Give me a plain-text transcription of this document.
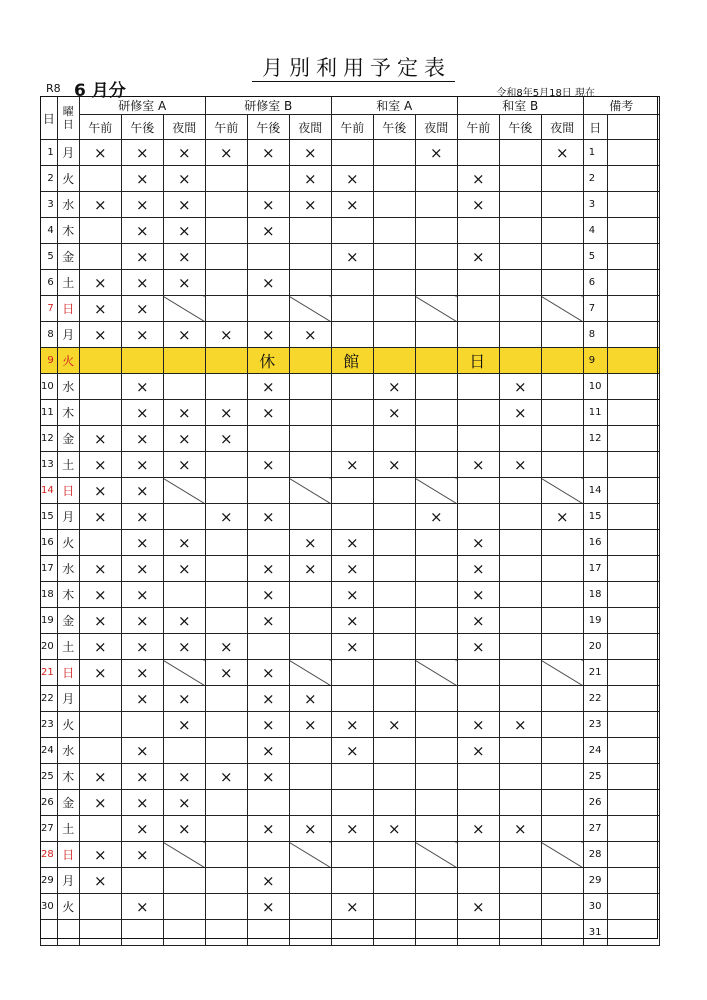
月別利用予定表
R8 6 月分	令和8年5月18日 現在
日	曜日	研修室 A			研修室 B			和室 A			和室 B			備考	
		午前	午後	夜間	午前	午後	夜間	午前	午後	夜間	午前	午後	夜間	日	
1	月	×	×	×	×	×	×			×			×	1	
2	火		×	×			×	×			×			2	
3	水	×	×	×		×	×	×			×			3	
4	木		×	×		×								4	
5	金		×	×				×			×			5	
6	土	×	×	×		×								6	
7	日	×	×											7	
8	月	×	×	×	×	×	×							8	
9	火					休		館			日			9	
10	水		×			×			×			×		10	
11	木		×	×	×	×			×			×		11	
12	金	×	×	×	×									12	
13	土	×	×	×		×		×	×		×	×			
14	日	×	×											14	
15	月	×	×		×	×				×			×	15	
16	火		×	×			×	×			×			16	
17	水	×	×	×		×	×	×			×			17	
18	木	×	×			×		×			×			18	
19	金	×	×	×		×		×			×			19	
20	土	×	×	×	×			×			×			20	
21	日	×	×		×	×								21	
22	月		×	×		×	×							22	
23	火			×		×	×	×	×		×	×		23	
24	水		×			×		×			×			24	
25	木	×	×	×	×	×								25	
26	金	×	×	×										26	
27	土		×	×		×	×	×	×		×	×		27	
28	日	×	×											28	
29	月	×				×								29	
30	火		×			×		×			×			30	
														31	
